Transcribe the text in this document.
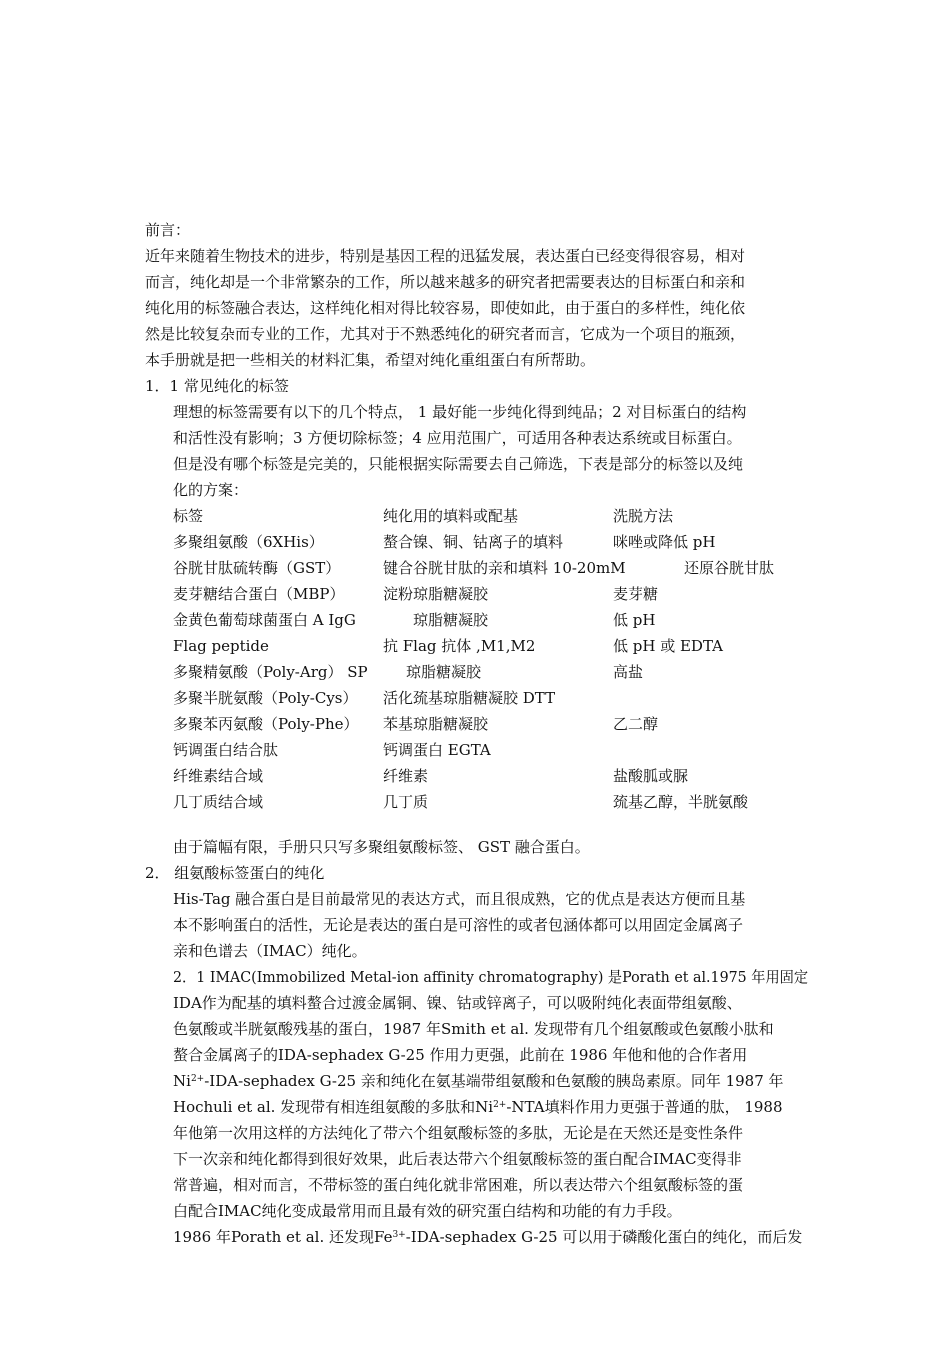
前言：
近年来随着生物技术的进步，特别是基因工程的迅猛发展，表达蛋白已经变得很容易，相对
而言，纯化却是一个非常繁杂的工作，所以越来越多的研究者把需要表达的目标蛋白和亲和
纯化用的标签融合表达，这样纯化相对得比较容易，即使如此，由于蛋白的多样性，纯化依
然是比较复杂而专业的工作，尤其对于不熟悉纯化的研究者而言，它成为一个项目的瓶颈，
本手册就是把一些相关的材料汇集，希望对纯化重组蛋白有所帮助。
1．1 常见纯化的标签
理想的标签需要有以下的几个特点， 1 最好能一步纯化得到纯品；2 对目标蛋白的结构
和活性没有影响；3 方便切除标签；4 应用范围广，可适用各种表达系统或目标蛋白。
但是没有哪个标签是完美的，只能根据实际需要去自己筛选，下表是部分的标签以及纯
化的方案：
标签	纯化用的填料或配基	洗脱方法
多聚组氨酸（6XHis）	螯合镍、铜、钴离子的填料	咪唑或降低 pH
谷胱甘肽硫转酶（GST）	键合谷胱甘肽的亲和填料 10-20mM	还原谷胱甘肽
麦芽糖结合蛋白（MBP）	淀粉琼脂糖凝胶	麦芽糖
金黄色葡萄球菌蛋白 A IgG	琼脂糖凝胶	低 pH
Flag peptide	抗 Flag 抗体 ,M1,M2	低 pH 或 EDTA
多聚精氨酸（Poly-Arg） SP	琼脂糖凝胶	高盐
多聚半胱氨酸（Poly-Cys） 活化巯基琼脂糖凝胶 DTT
多聚苯丙氨酸（Poly-Phe） 苯基琼脂糖凝胶	乙二醇
钙调蛋白结合肽	钙调蛋白 EGTA
纤维素结合域	纤维素	盐酸胍或脲
几丁质结合域	几丁质	巯基乙醇，半胱氨酸
由于篇幅有限，手册只只写多聚组氨酸标签、 GST 融合蛋白。
2． 组氨酸标签蛋白的纯化
His-Tag 融合蛋白是目前最常见的表达方式，而且很成熟，它的优点是表达方便而且基
本不影响蛋白的活性，无论是表达的蛋白是可溶性的或者包涵体都可以用固定金属离子
亲和色谱去（IMAC）纯化。
2．1 IMAC(Immobilized Metal-ion affinity chromatography) 是Porath et al.1975 年用固定
IDA作为配基的填料螯合过渡金属铜、镍、钴或锌离子，可以吸附纯化表面带组氨酸、
色氨酸或半胱氨酸残基的蛋白，1987 年Smith et al. 发现带有几个组氨酸或色氨酸小肽和
螯合金属离子的IDA-sephadex G-25 作用力更强，此前在 1986 年他和他的合作者用
$Ni^{2+}-IDA$-sephadex G-25 亲和纯化在氨基端带组氨酸和色氨酸的胰岛素原。同年 1987 年
Hochuli et al. 发现带有相连组氨酸的多肽和$Ni^{2+}$-NTA填料作用力更强于普通的肽， 1988
年他第一次用这样的方法纯化了带六个组氨酸标签的多肽，无论是在天然还是变性条件
下一次亲和纯化都得到很好效果，此后表达带六个组氨酸标签的蛋白配合IMAC变得非
常普遍，相对而言，不带标签的蛋白纯化就非常困难，所以表达带六个组氨酸标签的蛋
白配合IMAC纯化变成最常用而且最有效的研究蛋白结构和功能的有力手段。
1986 年Porath et al. 还发现$Fe^{3+}-IDA$-sephadex G-25 可以用于磷酸化蛋白的纯化，而后发
